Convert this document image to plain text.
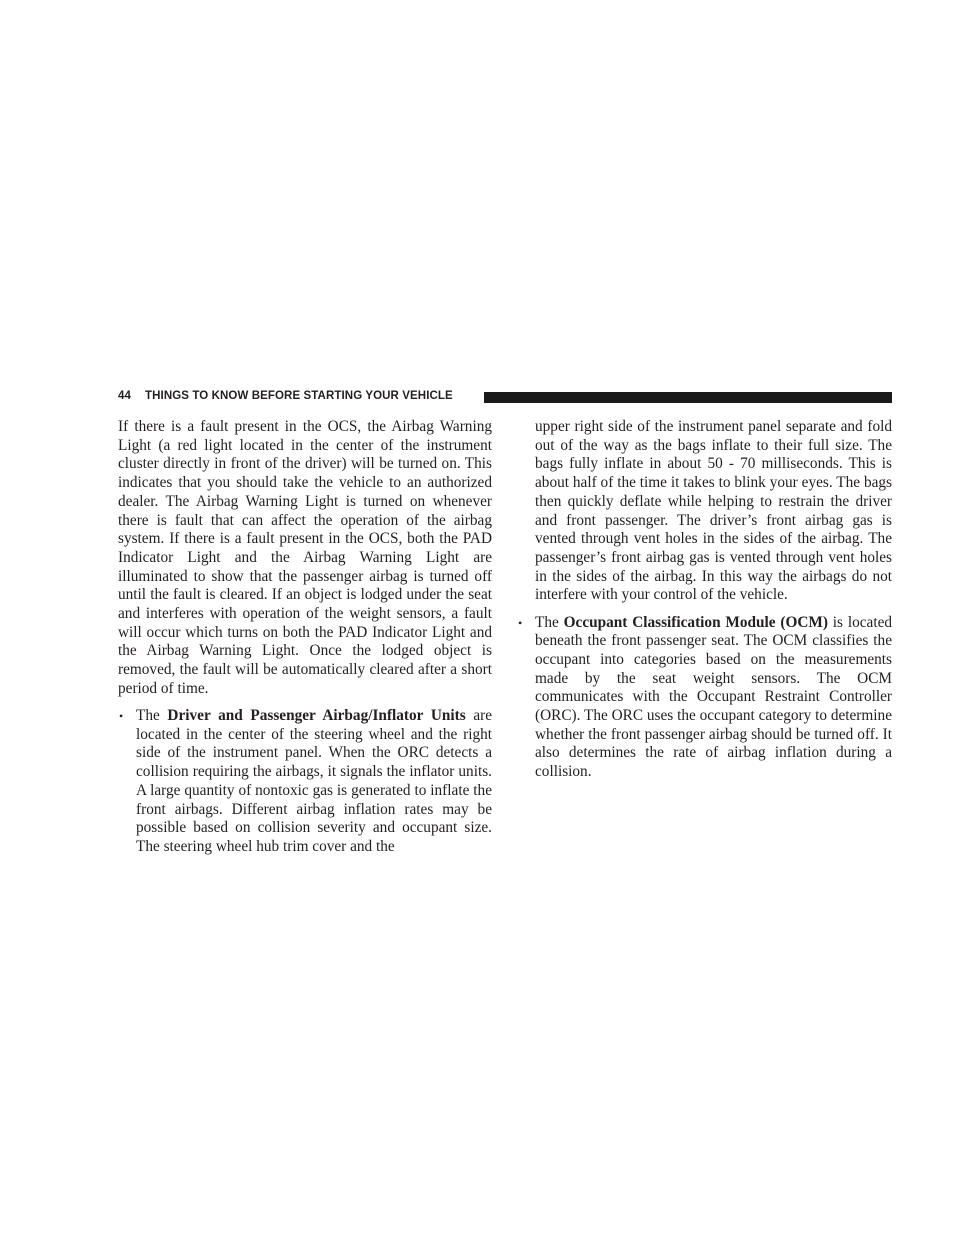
44 THINGS TO KNOW BEFORE STARTING YOUR VEHICLE

If there is a fault present in the OCS, the Airbag Warning Light (a red light located in the center of the instrument cluster directly in front of the driver) will be turned on. This indicates that you should take the vehicle to an authorized dealer. The Airbag Warning Light is turned on whenever there is fault that can affect the operation of the airbag system. If there is a fault present in the OCS, both the PAD Indicator Light and the Airbag Warning Light are illuminated to show that the passenger airbag is turned off until the fault is cleared. If an object is lodged under the seat and interferes with operation of the weight sensors, a fault will occur which turns on both the PAD Indicator Light and the Airbag Warning Light. Once the lodged object is removed, the fault will be automatically cleared after a short period of time.

• The Driver and Passenger Airbag/Inflator Units are located in the center of the steering wheel and the right side of the instrument panel. When the ORC detects a collision requiring the airbags, it signals the inflator units. A large quantity of nontoxic gas is generated to inflate the front airbags. Different airbag inflation rates may be possible based on collision severity and occupant size. The steering wheel hub trim cover and the

upper right side of the instrument panel separate and fold out of the way as the bags inflate to their full size. The bags fully inflate in about 50 - 70 milliseconds. This is about half of the time it takes to blink your eyes. The bags then quickly deflate while helping to restrain the driver and front passenger. The driver’s front airbag gas is vented through vent holes in the sides of the airbag. The passenger’s front airbag gas is vented through vent holes in the sides of the airbag. In this way the airbags do not interfere with your control of the vehicle.

• The Occupant Classification Module (OCM) is located beneath the front passenger seat. The OCM classifies the occupant into categories based on the measurements made by the seat weight sensors. The OCM communicates with the Occupant Restraint Controller (ORC). The ORC uses the occupant category to determine whether the front passenger airbag should be turned off. It also determines the rate of airbag inflation during a collision.
